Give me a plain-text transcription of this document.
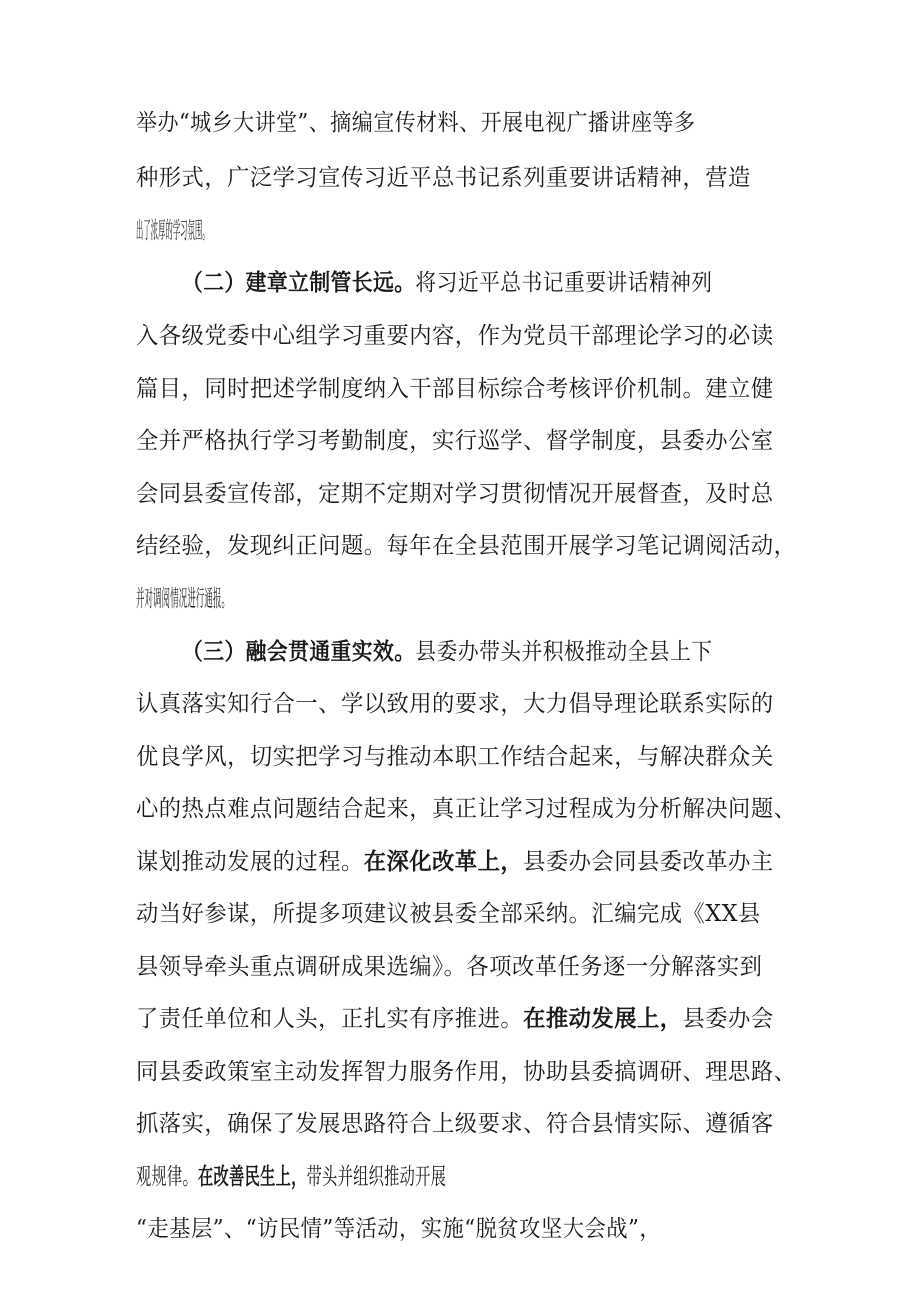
举办“城乡大讲堂”、摘编宣传材料、开展电视广播讲座等多
种形式，广泛学习宣传习近平总书记系列重要讲话精神，营造
出了浓厚的学习氛围。
（二）建章立制管长远。将习近平总书记重要讲话精神列
入各级党委中心组学习重要内容，作为党员干部理论学习的必读
篇目，同时把述学制度纳入干部目标综合考核评价机制。建立健
全并严格执行学习考勤制度，实行巡学、督学制度，县委办公室
会同县委宣传部，定期不定期对学习贯彻情况开展督查，及时总
结经验，发现纠正问题。每年在全县范围开展学习笔记调阅活动，
并对调阅情况进行通报。
（三）融会贯通重实效。县委办带头并积极推动全县上下
认真落实知行合一、学以致用的要求，大力倡导理论联系实际的
优良学风，切实把学习与推动本职工作结合起来，与解决群众关
心的热点难点问题结合起来，真正让学习过程成为分析解决问题、
谋划推动发展的过程。在深化改革上，县委办会同县委改革办主
动当好参谋，所提多项建议被县委全部采纳。汇编完成《XX县
县领导牵头重点调研成果选编》。各项改革任务逐一分解落实到
了责任单位和人头，正扎实有序推进。在推动发展上，县委办会
同县委政策室主动发挥智力服务作用，协助县委搞调研、理思路、
抓落实，确保了发展思路符合上级要求、符合县情实际、遵循客
观规律。在改善民生上，带头并组织推动开展
“走基层”、“访民情”等活动，实施“脱贫攻坚大会战”，
